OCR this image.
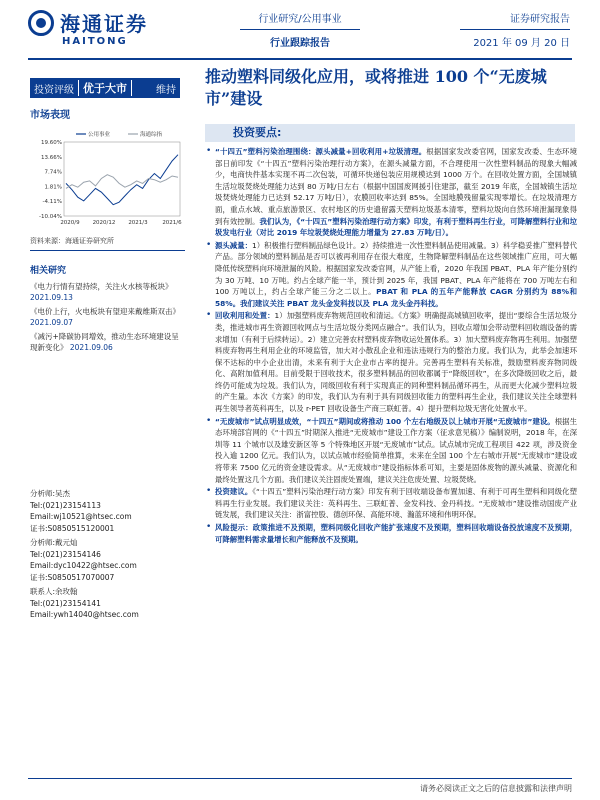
海通证券
HAITONG
行业研究/公用事业
行业跟踪报告
证券研究报告
2021 年 09 月 20 日
投资评级 优于大市	维持
市场表现
19.60%
13.66%
7.74%
1.81%
-4.11%
-10.04%
2020/9 2020/12 2021/3	2021/6
公用事业	海通综指
资料来源：海通证券研究所
相关研究
《电力行情有望持续，关注火水核等板块》 2021.09.13
《电价上行，火电板块有望迎来戴维斯双击》 2021.09.07
《减污+降碳协同增效，推动生态环境建设呈现新变化》 2021.09.06
分析师:吴杰
Tel:(021)23154113
Email:wj10521@htsec.com
证书:S0850515120001
分析师:戴元灿
Tel:(021)23154146
Email:dyc10422@htsec.com
证书:S0850517070007
联系人:余玫翰
Tel:(021)23154141
Email:ywh14040@htsec.com
推动塑料同级化应用，或将推进 100 个“无废城市”建设
投资要点:
• “十四五”塑料污染治理围绕：源头减量+回收利用+垃圾清理。根据国家发改委官网，国家发改委、生态环境部日前印发《“十四五”塑料污染治理行动方案》，在源头减量方面，不合理使用一次性塑料制品的现象大幅减少，电商快件基本实现不再二次包装，可循环快递包装应用规模达到 1000 万个。在回收处置方面，全国城镇生活垃圾焚烧处理能力达到 80 万吨/日左右（根据中国国废网援引住建部，截至 2019 年底，全国城镇生活垃圾焚烧处理能力已达到 52.17 万吨/日），农膜回收率达到 85%。全国地膜残留量实现零增长。在垃圾清理方面，重点水域、重点旅游景区、农村地区的历史遗留露天塑料垃圾基本清零，塑料垃圾向自然环境泄漏现象得到有效控制。我们认为，《“十四五”塑料污染治理行动方案》印发，有利于塑料再生行业，可降解塑料行业和垃圾发电行业（对比 2019 年垃圾焚烧处理能力增量为 27.83 万吨/日）。
• 源头减量：1）积极推行塑料制品绿色设计。2）持续推进一次性塑料制品使用减量。3）科学稳妥推广塑料替代产品。部分领域的塑料制品是否可以被再利用存在很大难度，生物降解塑料制品在这些领域推广应用，可大幅降低传统塑料向环境泄漏的风险。根据国家发改委官网，从产能上看，2020 年我国 PBAT、PLA 年产能分别约为 30 万吨、10 万吨。约占全球产能一半，预计到 2025 年，我国 PBAT、PLA 年产能将在 700 万吨左右和 100 万吨以上，约占全球产能三分之二以上。PBAT 和 PLA 的五年产能释放 CAGR 分别约为 88%和 58%。我们建议关注 PBAT 龙头金发科技以及 PLA 龙头金丹科技。
• 回收利用和处置：1）加强塑料废弃物规范回收和清运。《方案》明确提高城镇回收率，提出“要综合生活垃圾分类，推进城市再生资源回收网点与生活垃圾分类网点融合”。我们认为，回收点增加会带动塑料回收端设备的需求增加（有利于后续转运）。2）建立完善农村塑料废弃物收运处置体系。3）加大塑料废弃物再生利用。加强塑料废弃物再生利用企业的环境监管，加大对小散乱企业和违法违规行为的整治力度。我们认为，此举会加速环保不达标的中小企业出清，未来有利于大企业市占率的提升。完善再生塑料有关标准，鼓励塑料废弃物同级化、高附加值利用。目前受限于回收技术，很多塑料制品的回收都属于“降级回收”，在多次降级回收之后，最终仍可能成为垃圾。我们认为，同级回收有利于实现真正的同种塑料制品循环再生，从而更大化减少塑料垃圾的产生量。本次《方案》的印发，我们认为有利于具有同级回收能力的塑料再生企业，我们建议关注全球塑料再生领导者英科再生，以及 r-PET 回收设备生产商三联虹普。4）提升塑料垃圾无害化处置水平。
• “无废城市”试点明显成效，“十四五”期间或将推动 100 个左右地级及以上城市开展“无废城市”建设。根据生态环境部官网的《“十四五”时期深入推进“无废城市”建设工作方案（征求意见稿）》编制说明，2018 年，在深圳等 11 个城市以及雄安新区等 5 个特殊地区开展“无废城市”试点。试点城市完成工程项目 422 项，涉及资金投入逾 1200 亿元。我们认为，以试点城市经验简单推算，未来在全国 100 个左右城市开展“无废城市”建设或将带来 7500 亿元的资金建设需求。从“无废城市”建设指标体系可知，主要是固体废物的源头减量、资源化和最终处置这几个方面。我们建议关注固废处置端，建议关注危废处置、垃圾焚烧。
• 投资建议。《“十四五”塑料污染治理行动方案》印发有利于回收端设备布置加速、有利于可再生塑料和同级化塑料再生行业发展。我们建议关注：英科再生、三联虹普、金发科技、金丹科技。“无废城市”建设推动国废产业链发展，我们建议关注：浙富控股、德创环保、高能环境、瀚蓝环境和伟明环保。
• 风险提示：政策推进不及预期，塑料同级化回收产能扩张速度不及预期，塑料回收端设备投放速度不及预期，可降解塑料需求量增长和产能释放不及预期。
请务必阅读正文之后的信息披露和法律声明
